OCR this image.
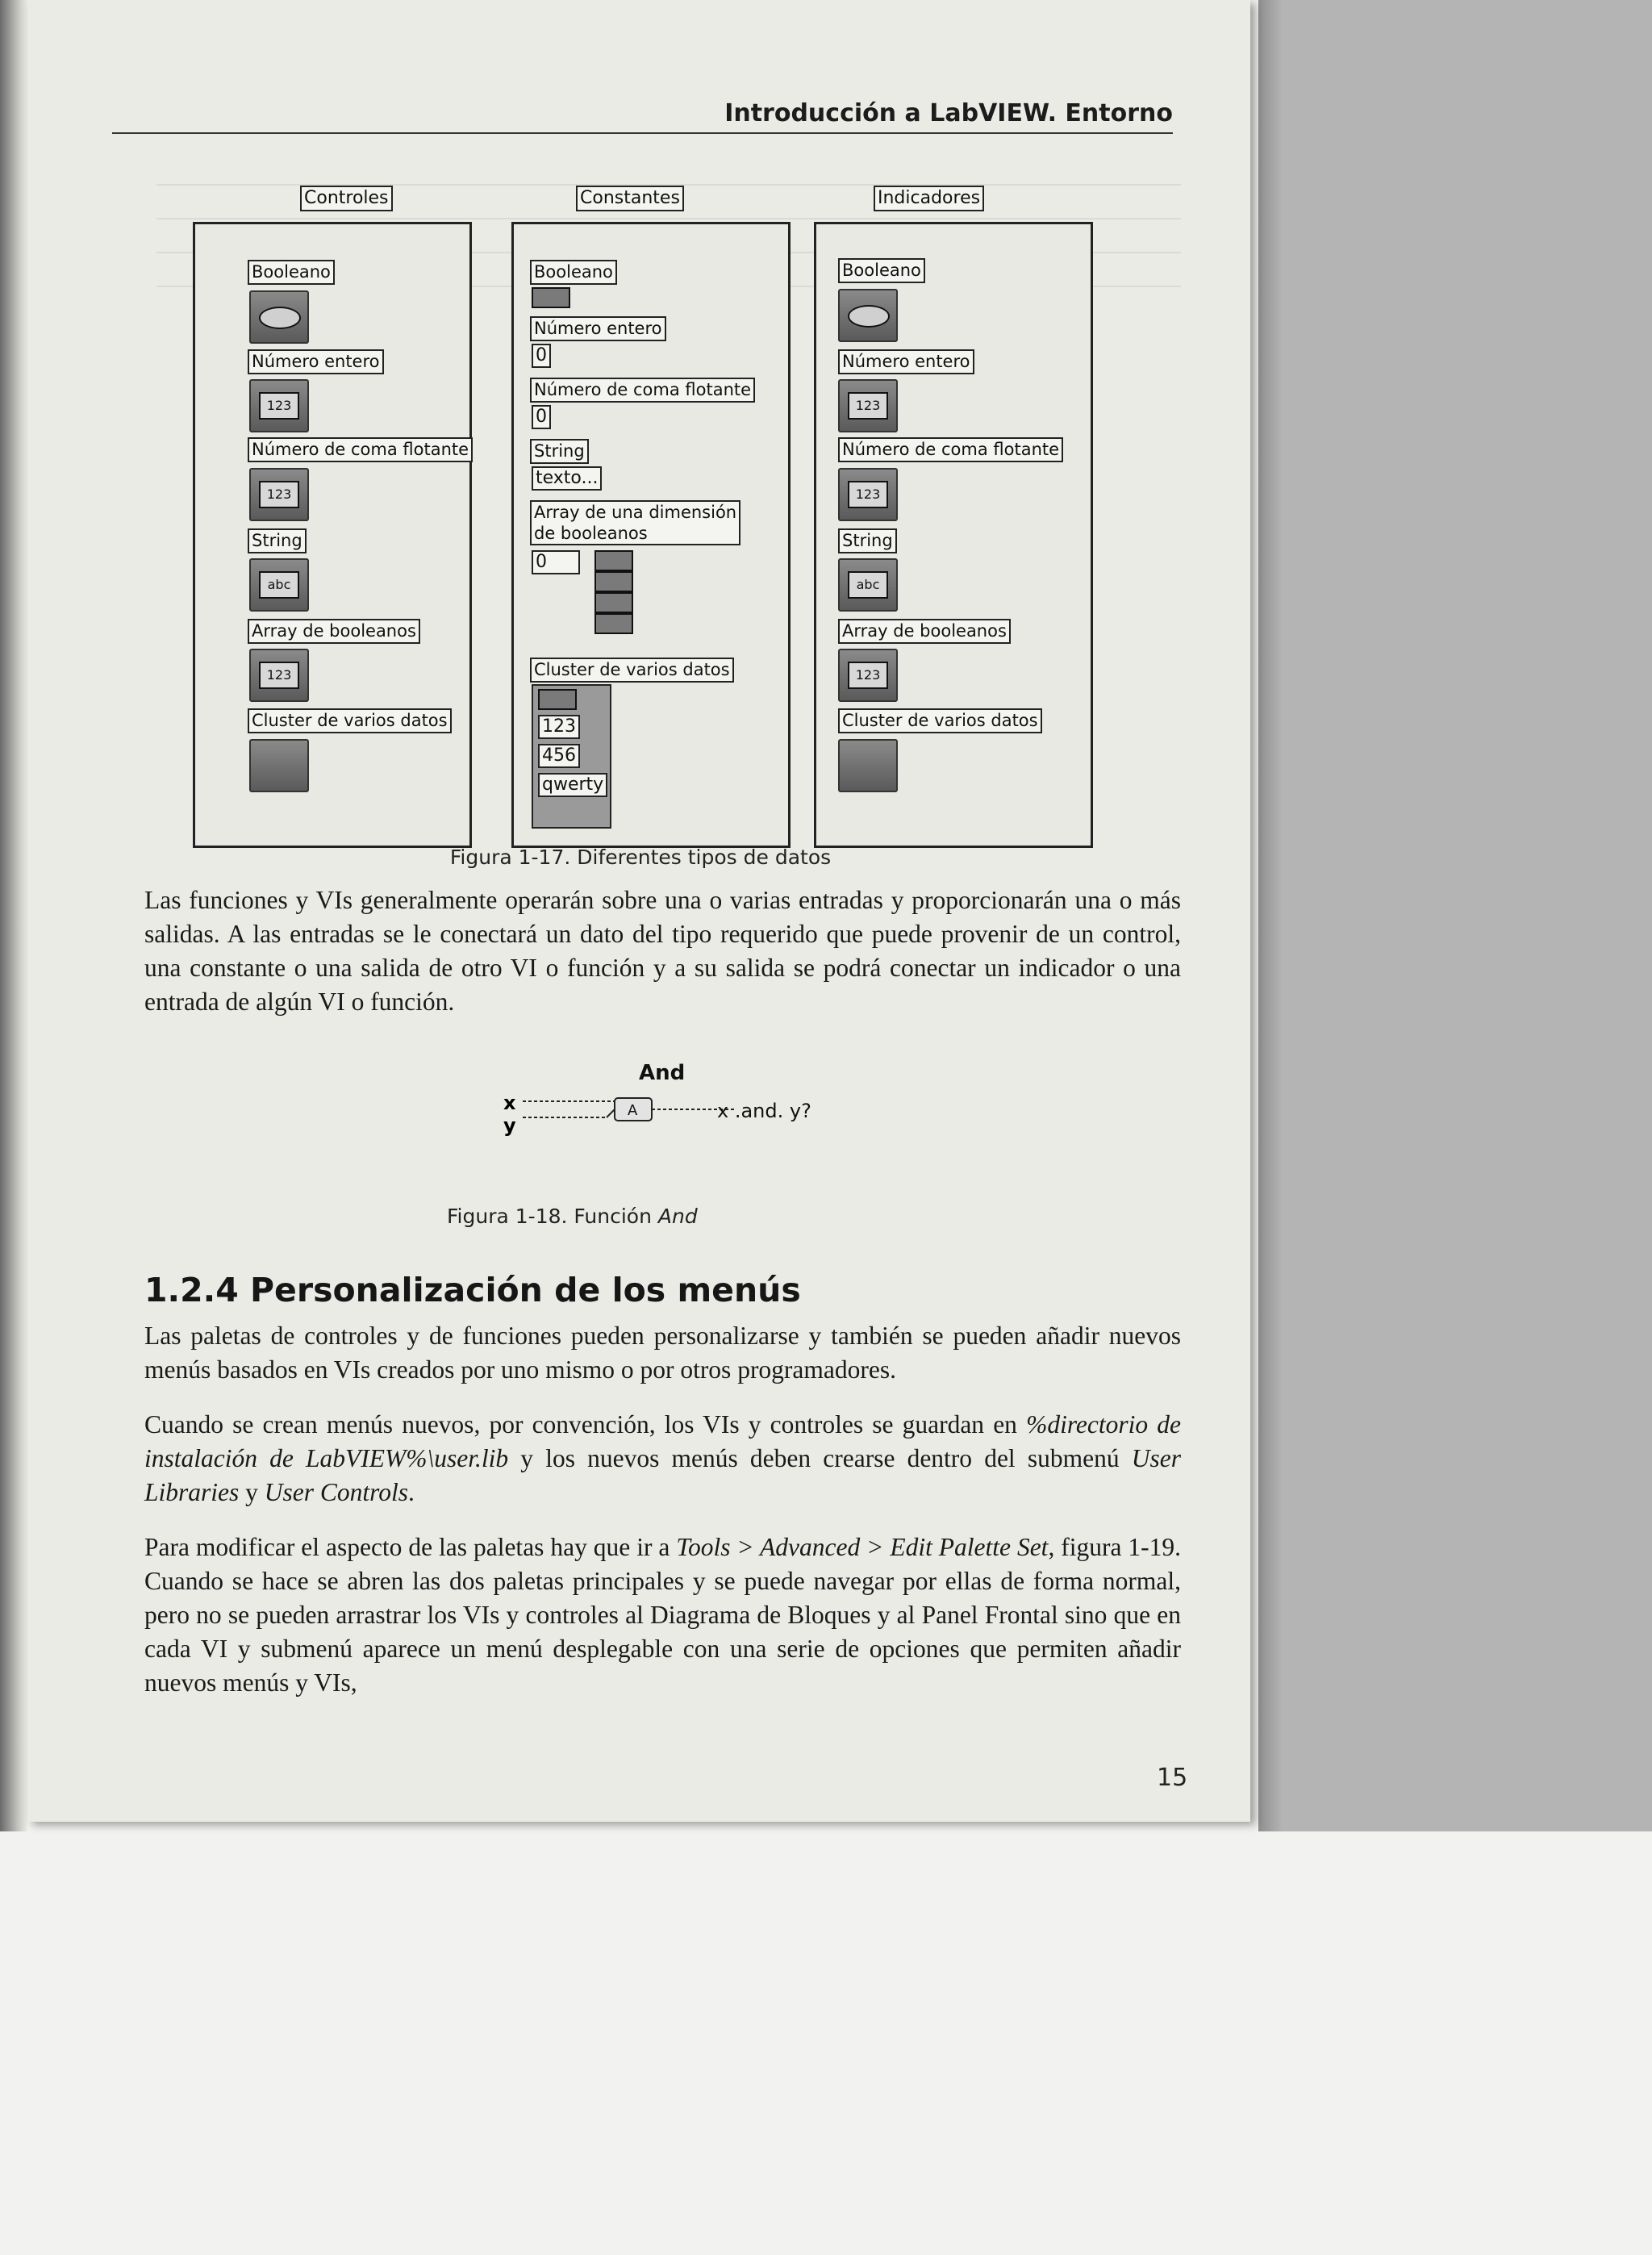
Introducción a LabVIEW. Entorno
Controles
Booleano
Número entero
123
Número de coma flotante
123
String
abc
Array de booleanos
123
Cluster de varios datos
Constantes
Booleano
Número entero
0
Número de coma flotante
0
String
texto...
Array de una dimensión
de booleanos
0
Cluster de varios datos
123
456
qwerty
Indicadores
Booleano
Número entero
123
Número de coma flotante
123
String
abc
Array de booleanos
123
Cluster de varios datos
Figura 1-17. Diferentes tipos de datos

Las funciones y VIs generalmente operarán sobre una o varias entradas y proporcionarán una o más salidas. A las entradas se le conectará un dato del tipo requerido que puede provenir de un control, una constante o una salida de otro VI o función y a su salida se podrá conectar un indicador o una entrada de algún VI o función.

And
x
y
A	x .and. y?
Figura 1-18. Función And
1.2.4 Personalización de los menús

Las paletas de controles y de funciones pueden personalizarse y también se pueden añadir nuevos menús basados en VIs creados por uno mismo o por otros programadores.

Cuando se crean menús nuevos, por convención, los VIs y controles se guardan en %directorio de instalación de LabVIEW%\user.lib y los nuevos menús deben crearse dentro del submenú User Libraries y User Controls.

Para modificar el aspecto de las paletas hay que ir a Tools > Advanced > Edit Palette Set, figura 1-19. Cuando se hace se abren las dos paletas principales y se puede navegar por ellas de forma normal, pero no se pueden arrastrar los VIs y controles al Diagrama de Bloques y al Panel Frontal sino que en cada VI y submenú aparece un menú desplegable con una serie de opciones que permiten añadir nuevos menús y VIs,

15
